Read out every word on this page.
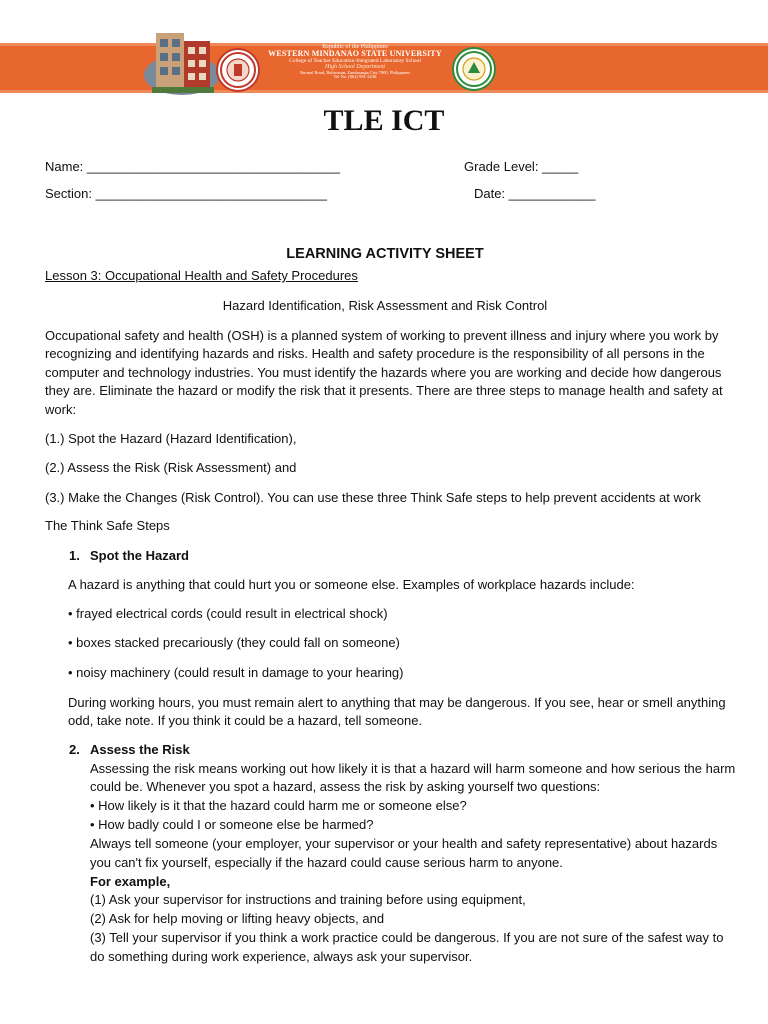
Republic of the Philippines
WESTERN MINDANAO STATE UNIVERSITY
College of Teacher Education-Integrated Laboratory School
High School Department
Normal Road, Baliwasan, Zamboanga City 7000, Philippines
Tel No. (062) 991-4236
TLE ICT
Name: ___________________________________	Grade Level: _____
Section: ________________________________	Date: ____________
LEARNING ACTIVITY SHEET
Lesson 3: Occupational Health and Safety Procedures
Hazard Identification, Risk Assessment and Risk Control
Occupational safety and health (OSH) is a planned system of working to prevent illness and injury where you work by
recognizing and identifying hazards and risks. Health and safety procedure is the responsibility of all persons in the
computer and technology industries. You must identify the hazards where you are working and decide how dangerous
they are. Eliminate the hazard or modify the risk that it presents. There are three steps to manage health and safety at
work:
(1.) Spot the Hazard (Hazard Identification),
(2.) Assess the Risk (Risk Assessment) and
(3.) Make the Changes (Risk Control). You can use these three Think Safe steps to help prevent accidents at work
The Think Safe Steps
1. Spot the Hazard
A hazard is anything that could hurt you or someone else. Examples of workplace hazards include:
• frayed electrical cords (could result in electrical shock)
• boxes stacked precariously (they could fall on someone)
• noisy machinery (could result in damage to your hearing)
During working hours, you must remain alert to anything that may be dangerous. If you see, hear or smell anything
odd, take note. If you think it could be a hazard, tell someone.
2. Assess the Risk
Assessing the risk means working out how likely it is that a hazard will harm someone and how serious the harm
could be. Whenever you spot a hazard, assess the risk by asking yourself two questions:
• How likely is it that the hazard could harm me or someone else?
• How badly could I or someone else be harmed?
Always tell someone (your employer, your supervisor or your health and safety representative) about hazards
you can't fix yourself, especially if the hazard could cause serious harm to anyone.
For example,
(1) Ask your supervisor for instructions and training before using equipment,
(2) Ask for help moving or lifting heavy objects, and
(3) Tell your supervisor if you think a work practice could be dangerous. If you are not sure of the safest way to
do something during work experience, always ask your supervisor.
